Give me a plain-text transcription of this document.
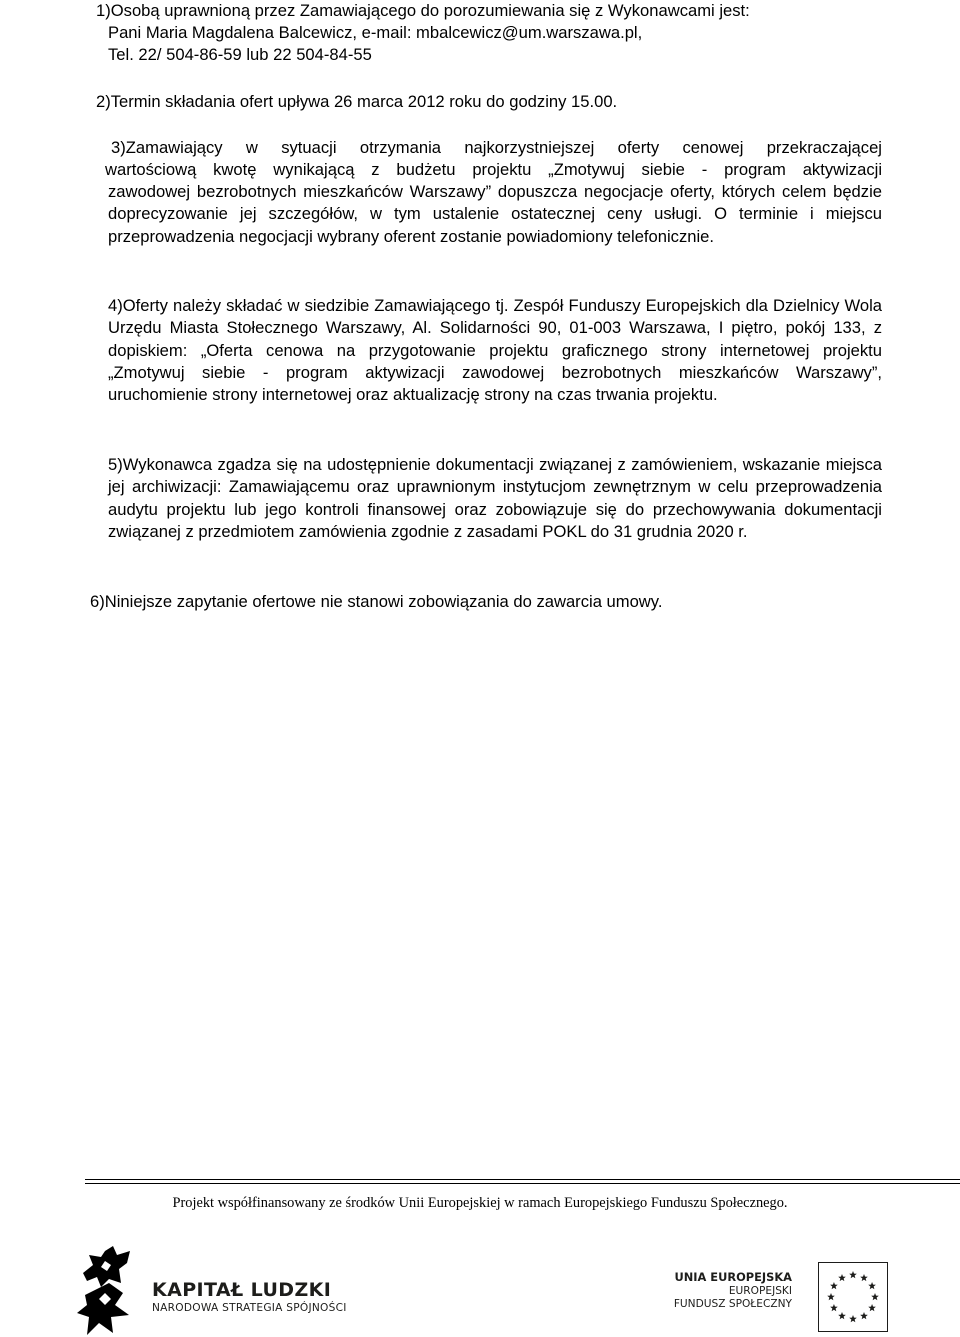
1)Osobą uprawnioną przez Zamawiającego do porozumiewania się z Wykonawcami jest:
Pani Maria Magdalena Balcewicz, e-mail: mbalcewicz@um.warszawa.pl,
Tel. 22/ 504-86-59 lub 22 504-84-55
2)Termin składania ofert upływa 26 marca 2012 roku do godziny 15.00.
3)Zamawiający w sytuacji otrzymania najkorzystniejszej oferty cenowej przekraczającej
wartościową kwotę wynikającą z budżetu projektu „Zmotywuj siebie - program aktywizacji
zawodowej bezrobotnych mieszkańców Warszawy” dopuszcza negocjacje oferty, których celem będzie doprecyzowanie jej szczegółów, w tym ustalenie ostatecznej ceny usługi. O terminie i miejscu przeprowadzenia negocjacji wybrany oferent zostanie powiadomiony telefonicznie.
4)Oferty należy składać w siedzibie Zamawiającego tj. Zespół Funduszy Europejskich dla Dzielnicy Wola Urzędu Miasta Stołecznego Warszawy, Al. Solidarności 90, 01-003 Warszawa, I piętro, pokój 133, z dopiskiem: „Oferta cenowa na przygotowanie projektu graficznego strony internetowej projektu „Zmotywuj siebie - program aktywizacji zawodowej bezrobotnych mieszkańców Warszawy”, uruchomienie strony internetowej oraz aktualizację strony na czas trwania projektu.
5)Wykonawca zgadza się na udostępnienie dokumentacji związanej z zamówieniem, wskazanie miejsca jej archiwizacji: Zamawiającemu oraz uprawnionym instytucjom zewnętrznym w celu przeprowadzenia audytu projektu lub jego kontroli finansowej oraz zobowiązuje się do przechowywania dokumentacji związanej z przedmiotem zamówienia zgodnie z zasadami POKL do 31 grudnia 2020 r.
6)Niniejsze zapytanie ofertowe nie stanowi zobowiązania do zawarcia umowy.
Projekt współfinansowany ze środków Unii Europejskiej w ramach Europejskiego Funduszu Społecznego.
KAPITAŁ LUDZKI
NARODOWA STRATEGIA SPÓJNOŚCI
UNIA EUROPEJSKA
EUROPEJSKI
FUNDUSZ SPOŁECZNY
